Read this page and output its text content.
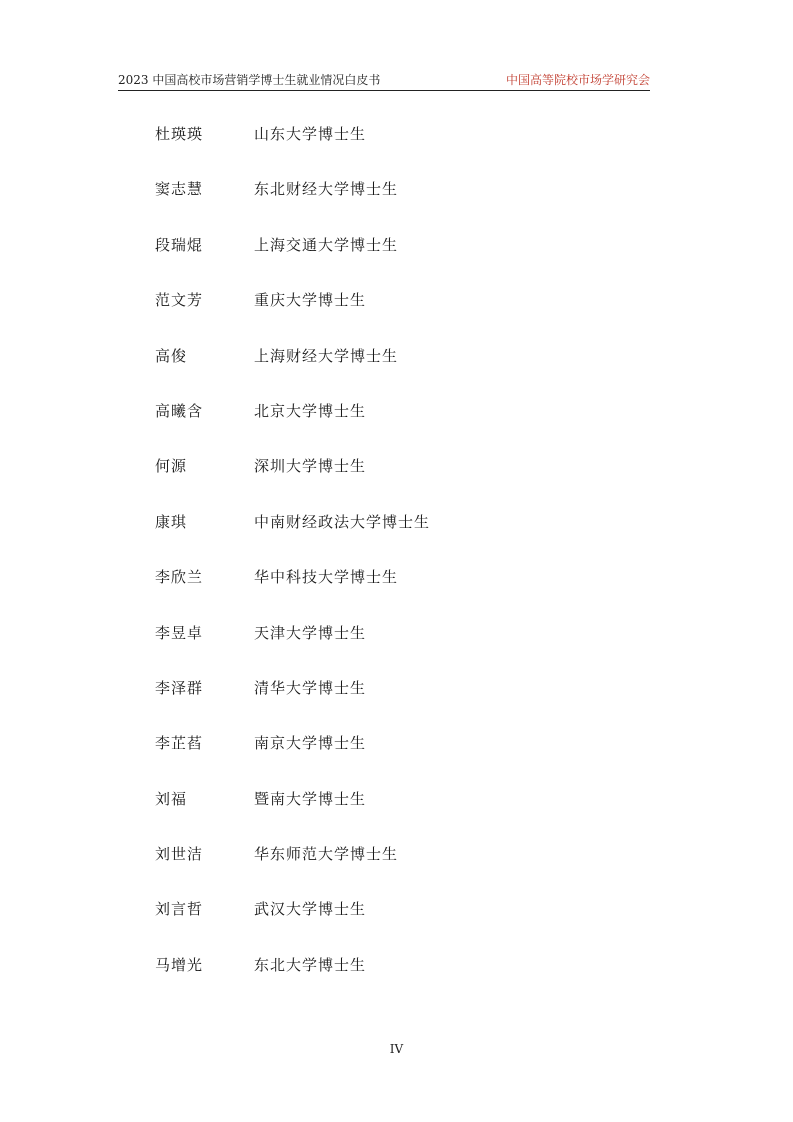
2023 中国高校市场营销学博士生就业情况白皮书	中国高等院校市场学研究会
杜瑛瑛	山东大学博士生
窦志慧	东北财经大学博士生
段瑞焜	上海交通大学博士生
范文芳	重庆大学博士生
高俊	上海财经大学博士生
高曦含	北京大学博士生
何源	深圳大学博士生
康琪	中南财经政法大学博士生
李欣兰	华中科技大学博士生
李昱卓	天津大学博士生
李泽群	清华大学博士生
李芷萏	南京大学博士生
刘福	暨南大学博士生
刘世洁	华东师范大学博士生
刘言哲	武汉大学博士生
马增光	东北大学博士生
IV
